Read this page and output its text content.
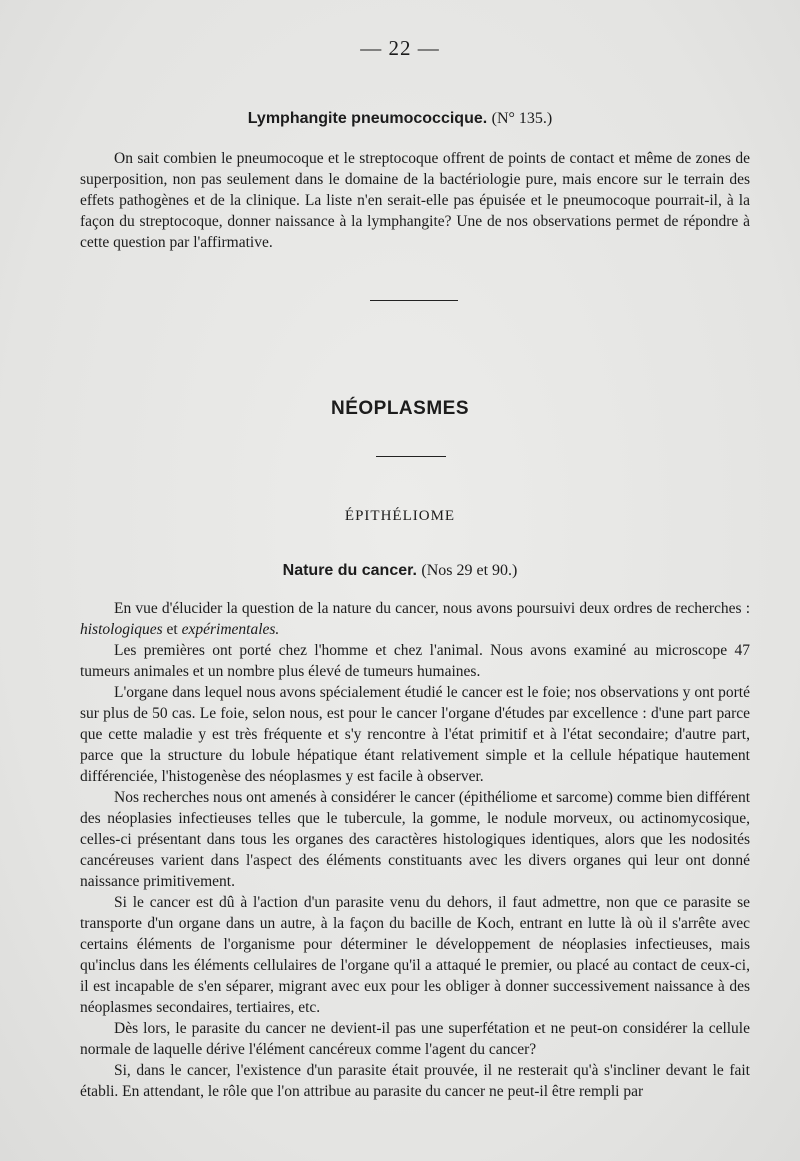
— 22 —
Lymphangite pneumococcique. (N° 135.)

On sait combien le pneumocoque et le streptocoque offrent de points de contact et même de zones de superposition, non pas seulement dans le domaine de la bactériologie pure, mais encore sur le terrain des effets pathogènes et de la clinique. La liste n'en serait-elle pas épuisée et le pneumocoque pourrait-il, à la façon du streptocoque, donner naissance à la lymphangite? Une de nos observations permet de répondre à cette question par l'affirmative.

NÉOPLASMES
ÉPITHÉLIOME
Nature du cancer. (Nos 29 et 90.)

En vue d'élucider la question de la nature du cancer, nous avons poursuivi deux ordres de recherches : histologiques et expérimentales.

Les premières ont porté chez l'homme et chez l'animal. Nous avons examiné au microscope 47 tumeurs animales et un nombre plus élevé de tumeurs humaines.

L'organe dans lequel nous avons spécialement étudié le cancer est le foie; nos observations y ont porté sur plus de 50 cas. Le foie, selon nous, est pour le cancer l'organe d'études par excellence : d'une part parce que cette maladie y est très fréquente et s'y rencontre à l'état primitif et à l'état secondaire; d'autre part, parce que la structure du lobule hépatique étant relativement simple et la cellule hépatique hautement différenciée, l'histogenèse des néoplasmes y est facile à observer.

Nos recherches nous ont amenés à considérer le cancer (épithéliome et sarcome) comme bien différent des néoplasies infectieuses telles que le tubercule, la gomme, le nodule morveux, ou actinomycosique, celles-ci présentant dans tous les organes des caractères histologiques identiques, alors que les nodosités cancéreuses varient dans l'aspect des éléments constituants avec les divers organes qui leur ont donné naissance primitivement.

Si le cancer est dû à l'action d'un parasite venu du dehors, il faut admettre, non que ce parasite se transporte d'un organe dans un autre, à la façon du bacille de Koch, entrant en lutte là où il s'arrête avec certains éléments de l'organisme pour déterminer le développement de néoplasies infectieuses, mais qu'inclus dans les éléments cellulaires de l'organe qu'il a attaqué le premier, ou placé au contact de ceux-ci, il est incapable de s'en séparer, migrant avec eux pour les obliger à donner successivement naissance à des néoplasmes secondaires, tertiaires, etc.

Dès lors, le parasite du cancer ne devient-il pas une superfétation et ne peut-on considérer la cellule normale de laquelle dérive l'élément cancéreux comme l'agent du cancer?

Si, dans le cancer, l'existence d'un parasite était prouvée, il ne resterait qu'à s'incliner devant le fait établi. En attendant, le rôle que l'on attribue au parasite du cancer ne peut-il être rempli par
